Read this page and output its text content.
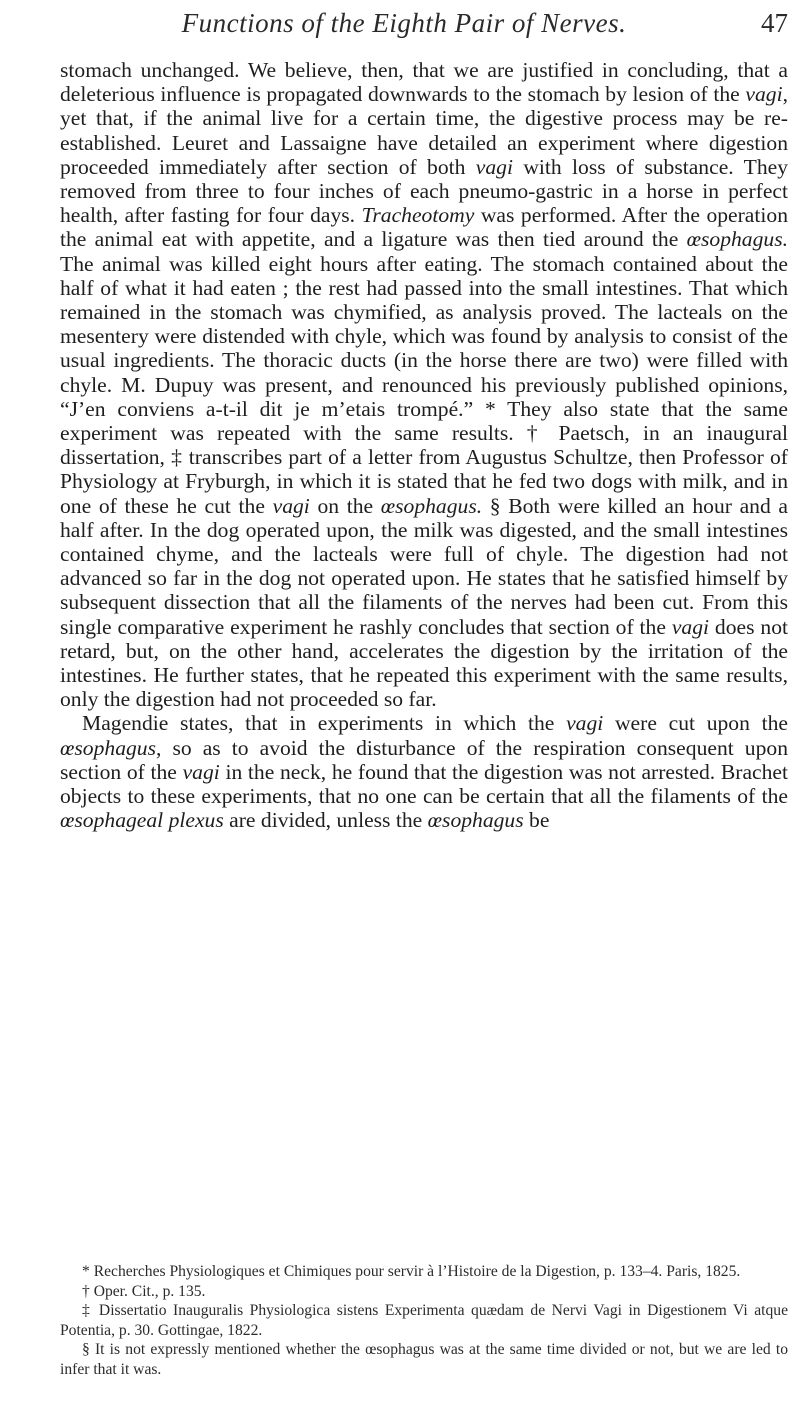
Functions of the Eighth Pair of Nerves.	47

stomach unchanged. We believe, then, that we are justified in concluding, that a deleterious influence is propagated downwards to the stomach by lesion of the vagi, yet that, if the animal live for a certain time, the digestive process may be re-established. Leuret and Lassaigne have detailed an experiment where digestion proceeded immediately after section of both vagi with loss of substance. They removed from three to four inches of each pneumo-gastric in a horse in perfect health, after fasting for four days. Tracheotomy was performed. After the operation the animal eat with appetite, and a ligature was then tied around the œsophagus. The animal was killed eight hours after eating. The stomach contained about the half of what it had eaten ; the rest had passed into the small intestines. That which remained in the stomach was chymified, as analysis proved. The lacteals on the mesentery were distended with chyle, which was found by analysis to consist of the usual ingredients. The thoracic ducts (in the horse there are two) were filled with chyle. M. Dupuy was present, and renounced his previously published opinions, “J’en conviens a-t-il dit je m’etais trompé.” * They also state that the same experiment was repeated with the same results. † Paetsch, in an inaugural dissertation, ‡ transcribes part of a letter from Augustus Schultze, then Professor of Physiology at Fryburgh, in which it is stated that he fed two dogs with milk, and in one of these he cut the vagi on the œsophagus. § Both were killed an hour and a half after. In the dog operated upon, the milk was digested, and the small intestines contained chyme, and the lacteals were full of chyle. The digestion had not advanced so far in the dog not operated upon. He states that he satisfied himself by subsequent dissection that all the filaments of the nerves had been cut. From this single comparative experiment he rashly concludes that section of the vagi does not retard, but, on the other hand, accelerates the digestion by the irritation of the intestines. He further states, that he repeated this experiment with the same results, only the digestion had not proceeded so far.

Magendie states, that in experiments in which the vagi were cut upon the œsophagus, so as to avoid the disturbance of the respiration consequent upon section of the vagi in the neck, he found that the digestion was not arrested. Brachet objects to these experiments, that no one can be certain that all the filaments of the œsophageal plexus are divided, unless the œsophagus be

* Recherches Physiologiques et Chimiques pour servir à l’Histoire de la Digestion, p. 133–4. Paris, 1825.

† Oper. Cit., p. 135.

‡ Dissertatio Inauguralis Physiologica sistens Experimenta quædam de Nervi Vagi in Digestionem Vi atque Potentia, p. 30. Gottingae, 1822.

§ It is not expressly mentioned whether the œsophagus was at the same time divided or not, but we are led to infer that it was.
